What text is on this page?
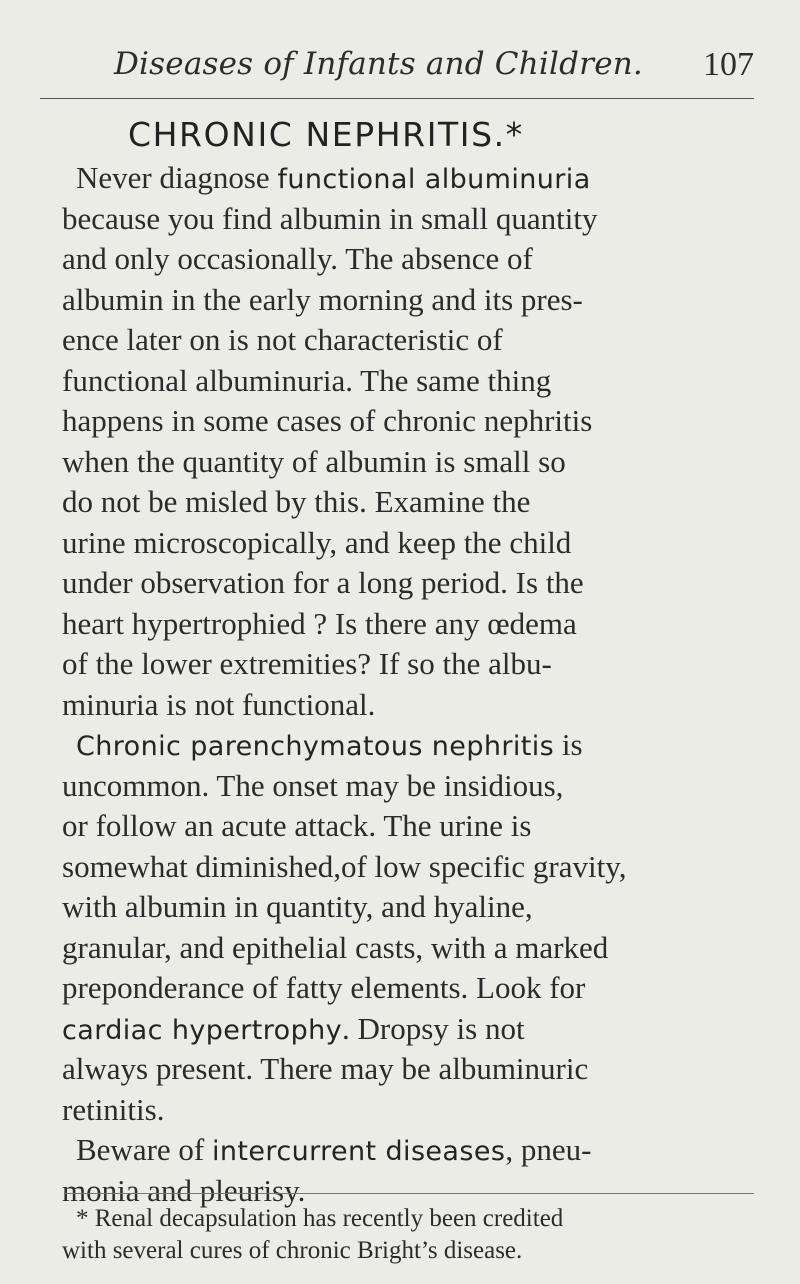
Diseases of Infants and Children. 107
CHRONIC NEPHRITIS.*
Never diagnose functional albuminuria
because you find albumin in small quantity
and only occasionally. The absence of
albumin in the early morning and its pres-
ence later on is not characteristic of
functional albuminuria. The same thing
happens in some cases of chronic nephritis
when the quantity of albumin is small so
do not be misled by this. Examine the
urine microscopically, and keep the child
under observation for a long period. Is the
heart hypertrophied ? Is there any œdema
of the lower extremities? If so the albu-
minuria is not functional.
Chronic parenchymatous nephritis is
uncommon. The onset may be insidious,
or follow an acute attack. The urine is
somewhat diminished,of low specific gravity,
with albumin in quantity, and hyaline,
granular, and epithelial casts, with a marked
preponderance of fatty elements. Look for
cardiac hypertrophy. Dropsy is not
always present. There may be albuminuric
retinitis.
Beware of intercurrent diseases, pneu-
monia and pleurisy.
* Renal decapsulation has recently been credited
with several cures of chronic Bright’s disease.
